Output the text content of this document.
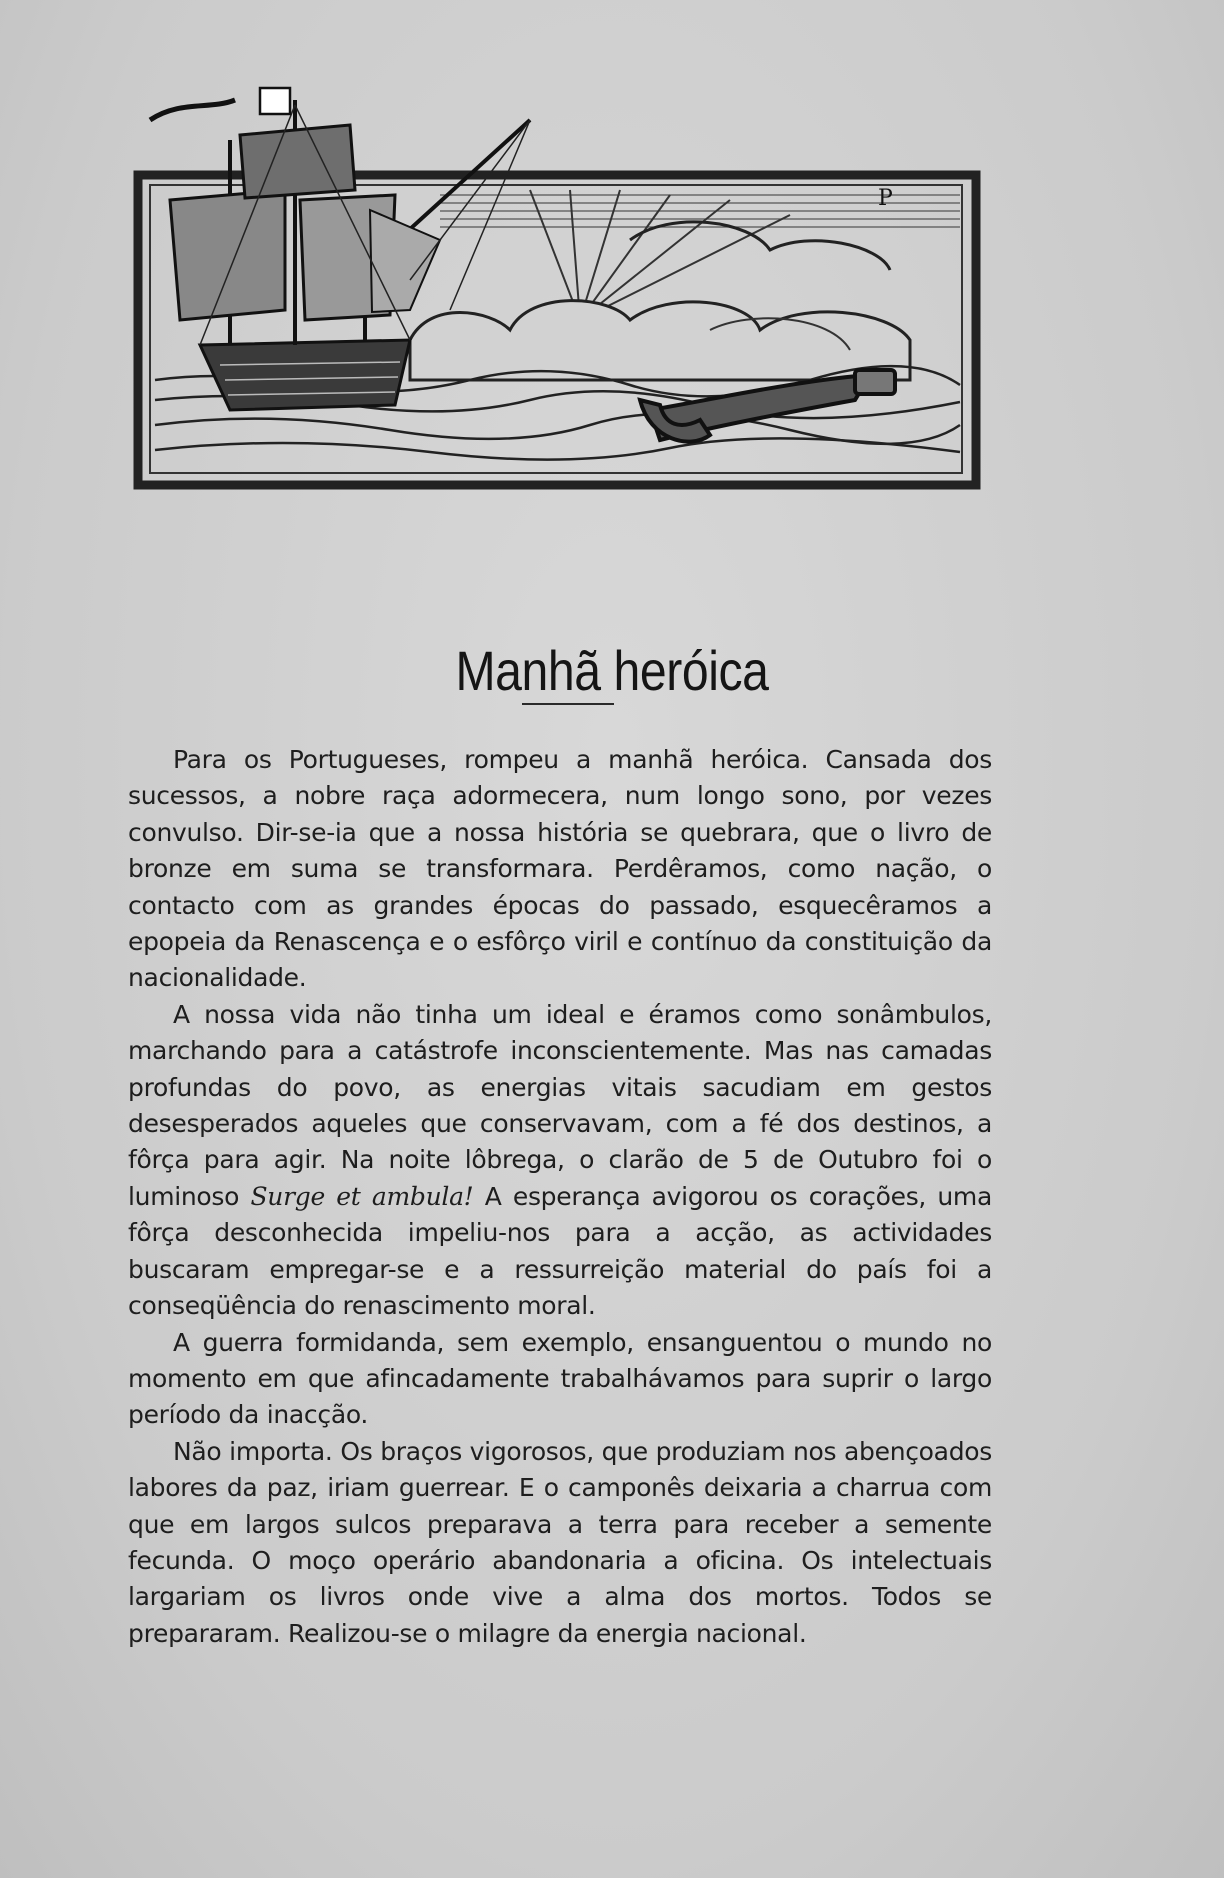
P
Manhã heróica

Para os Portugueses, rompeu a manhã heróica. Cansada dos sucessos, a nobre raça adormecera, num longo sono, por vezes convulso. Dir-se-ia que a nossa história se quebrara, que o livro de bronze em suma se transformara. Perdêramos, como nação, o contacto com as grandes épocas do passado, esquecêramos a epopeia da Renascença e o esfôrço viril e contínuo da constituição da nacionalidade.

A nossa vida não tinha um ideal e éramos como sonâmbulos, marchando para a catástrofe inconscientemente. Mas nas camadas profundas do povo, as energias vitais sacudiam em gestos desesperados aqueles que conservavam, com a fé dos destinos, a fôrça para agir. Na noite lôbrega, o clarão de 5 de Outubro foi o luminoso Surge et ambula! A esperança avigorou os corações, uma fôrça desconhecida impeliu-nos para a acção, as actividades buscaram empregar-se e a ressurreição material do país foi a conseqüência do renascimento moral.

A guerra formidanda, sem exemplo, ensanguentou o mundo no momento em que afincadamente trabalhávamos para suprir o largo período da inacção.

Não importa. Os braços vigorosos, que produziam nos abençoados labores da paz, iriam guerrear. E o camponês deixaria a charrua com que em largos sulcos preparava a terra para receber a semente fecunda. O moço operário abandonaria a oficina. Os intelectuais largariam os livros onde vive a alma dos mortos. Todos se prepararam. Realizou-se o milagre da energia nacional.
